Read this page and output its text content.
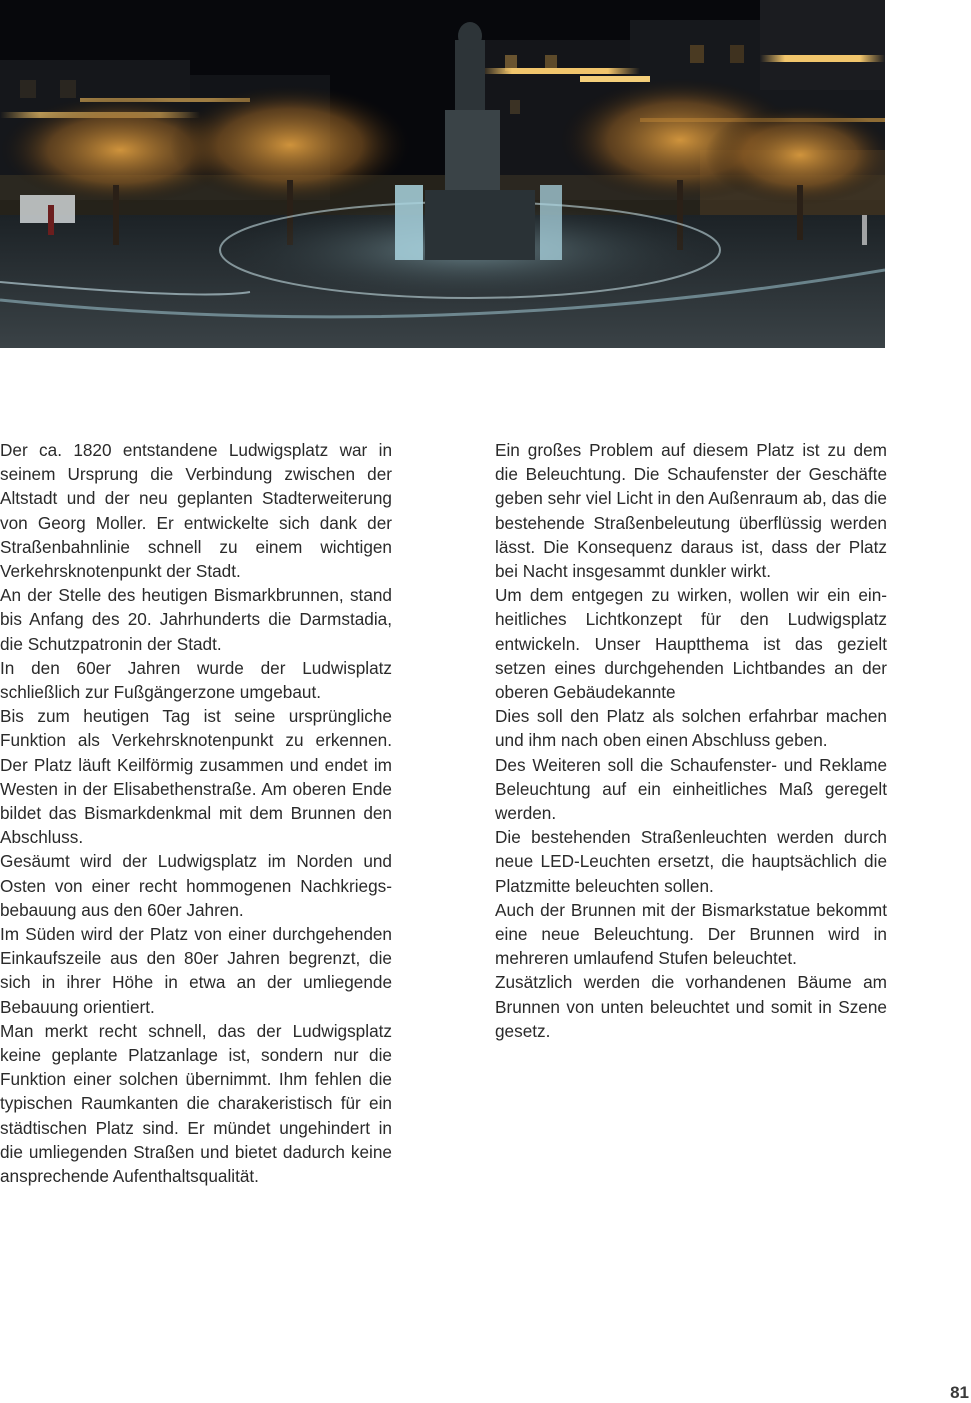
Der ca. 1820 entstandene Ludwigsplatz war in seinem Ursprung die Verbindung zwischen der Altstadt und der neu geplanten Stadterweiterung von Georg Moller. Er entwickelte sich dank der Straßenbahnlinie schnell zu einem wichtigen Verkehrsknotenpunkt der Stadt.

An der Stelle des heutigen Bismarkbrunnen, stand bis Anfang des 20. Jahrhunderts die Darmstadia, die Schutzpatronin der Stadt.

In den 60er Jahren wurde der Ludwisplatz schließlich zur Fußgängerzone umgebaut.

Bis zum heutigen Tag ist seine ursprüngliche Funktion als Verkehrsknotenpunkt zu erkennen. Der Platz läuft Keilförmig zusammen und endet im Westen in der Elisabethenstraße. Am oberen Ende bildet das Bismarkdenkmal mit dem Brunnen den Abschluss.

Gesäumt wird der Ludwigsplatz im Norden und Osten von einer recht hommogenen Nachkriegsbebauung aus den 60er Jahren.

Im Süden wird der Platz von einer durchgehenden Einkaufszeile aus den 80er Jahren begrenzt, die sich in ihrer Höhe in etwa an der umliegende Bebauung orientiert.

Man merkt recht schnell, das der Ludwigsplatz keine geplante Platzanlage ist, sondern nur die Funktion einer solchen übernimmt. Ihm fehlen die typischen Raumkanten die charakeristisch für ein städtischen Platz sind. Er mündet ungehindert in die umliegenden Straßen und bietet dadurch keine ansprechende Aufenthaltsqualität.

Ein großes Problem auf diesem Platz ist zu dem die Beleuchtung. Die Schaufenster der Geschäfte geben sehr viel Licht in den Außenraum ab, das die bestehende Straßenbeleutung überflüssig werden lässt. Die Konsequenz daraus ist, dass der Platz bei Nacht insgesammt dunkler wirkt.

Um dem entgegen zu wirken, wollen wir ein einheitliches Lichtkonzept für den Ludwigsplatz entwickeln. Unser Hauptthema ist das gezielt setzen eines durchgehenden Lichtbandes an der oberen Gebäudekannte

Dies soll den Platz als solchen erfahrbar machen und ihm nach oben einen Abschluss geben.

Des Weiteren soll die Schaufenster- und Reklame Beleuchtung auf ein einheitliches Maß geregelt werden.

Die bestehenden Straßenleuchten werden durch neue LED-Leuchten ersetzt, die hauptsächlich die Platzmitte beleuchten sollen.

Auch der Brunnen mit der Bismarkstatue bekommt eine neue Beleuchtung. Der Brunnen wird in mehreren umlaufend Stufen beleuchtet.

Zusätzlich werden die vorhandenen Bäume am Brunnen von unten beleuchtet und somit in Szene gesetz.

81
